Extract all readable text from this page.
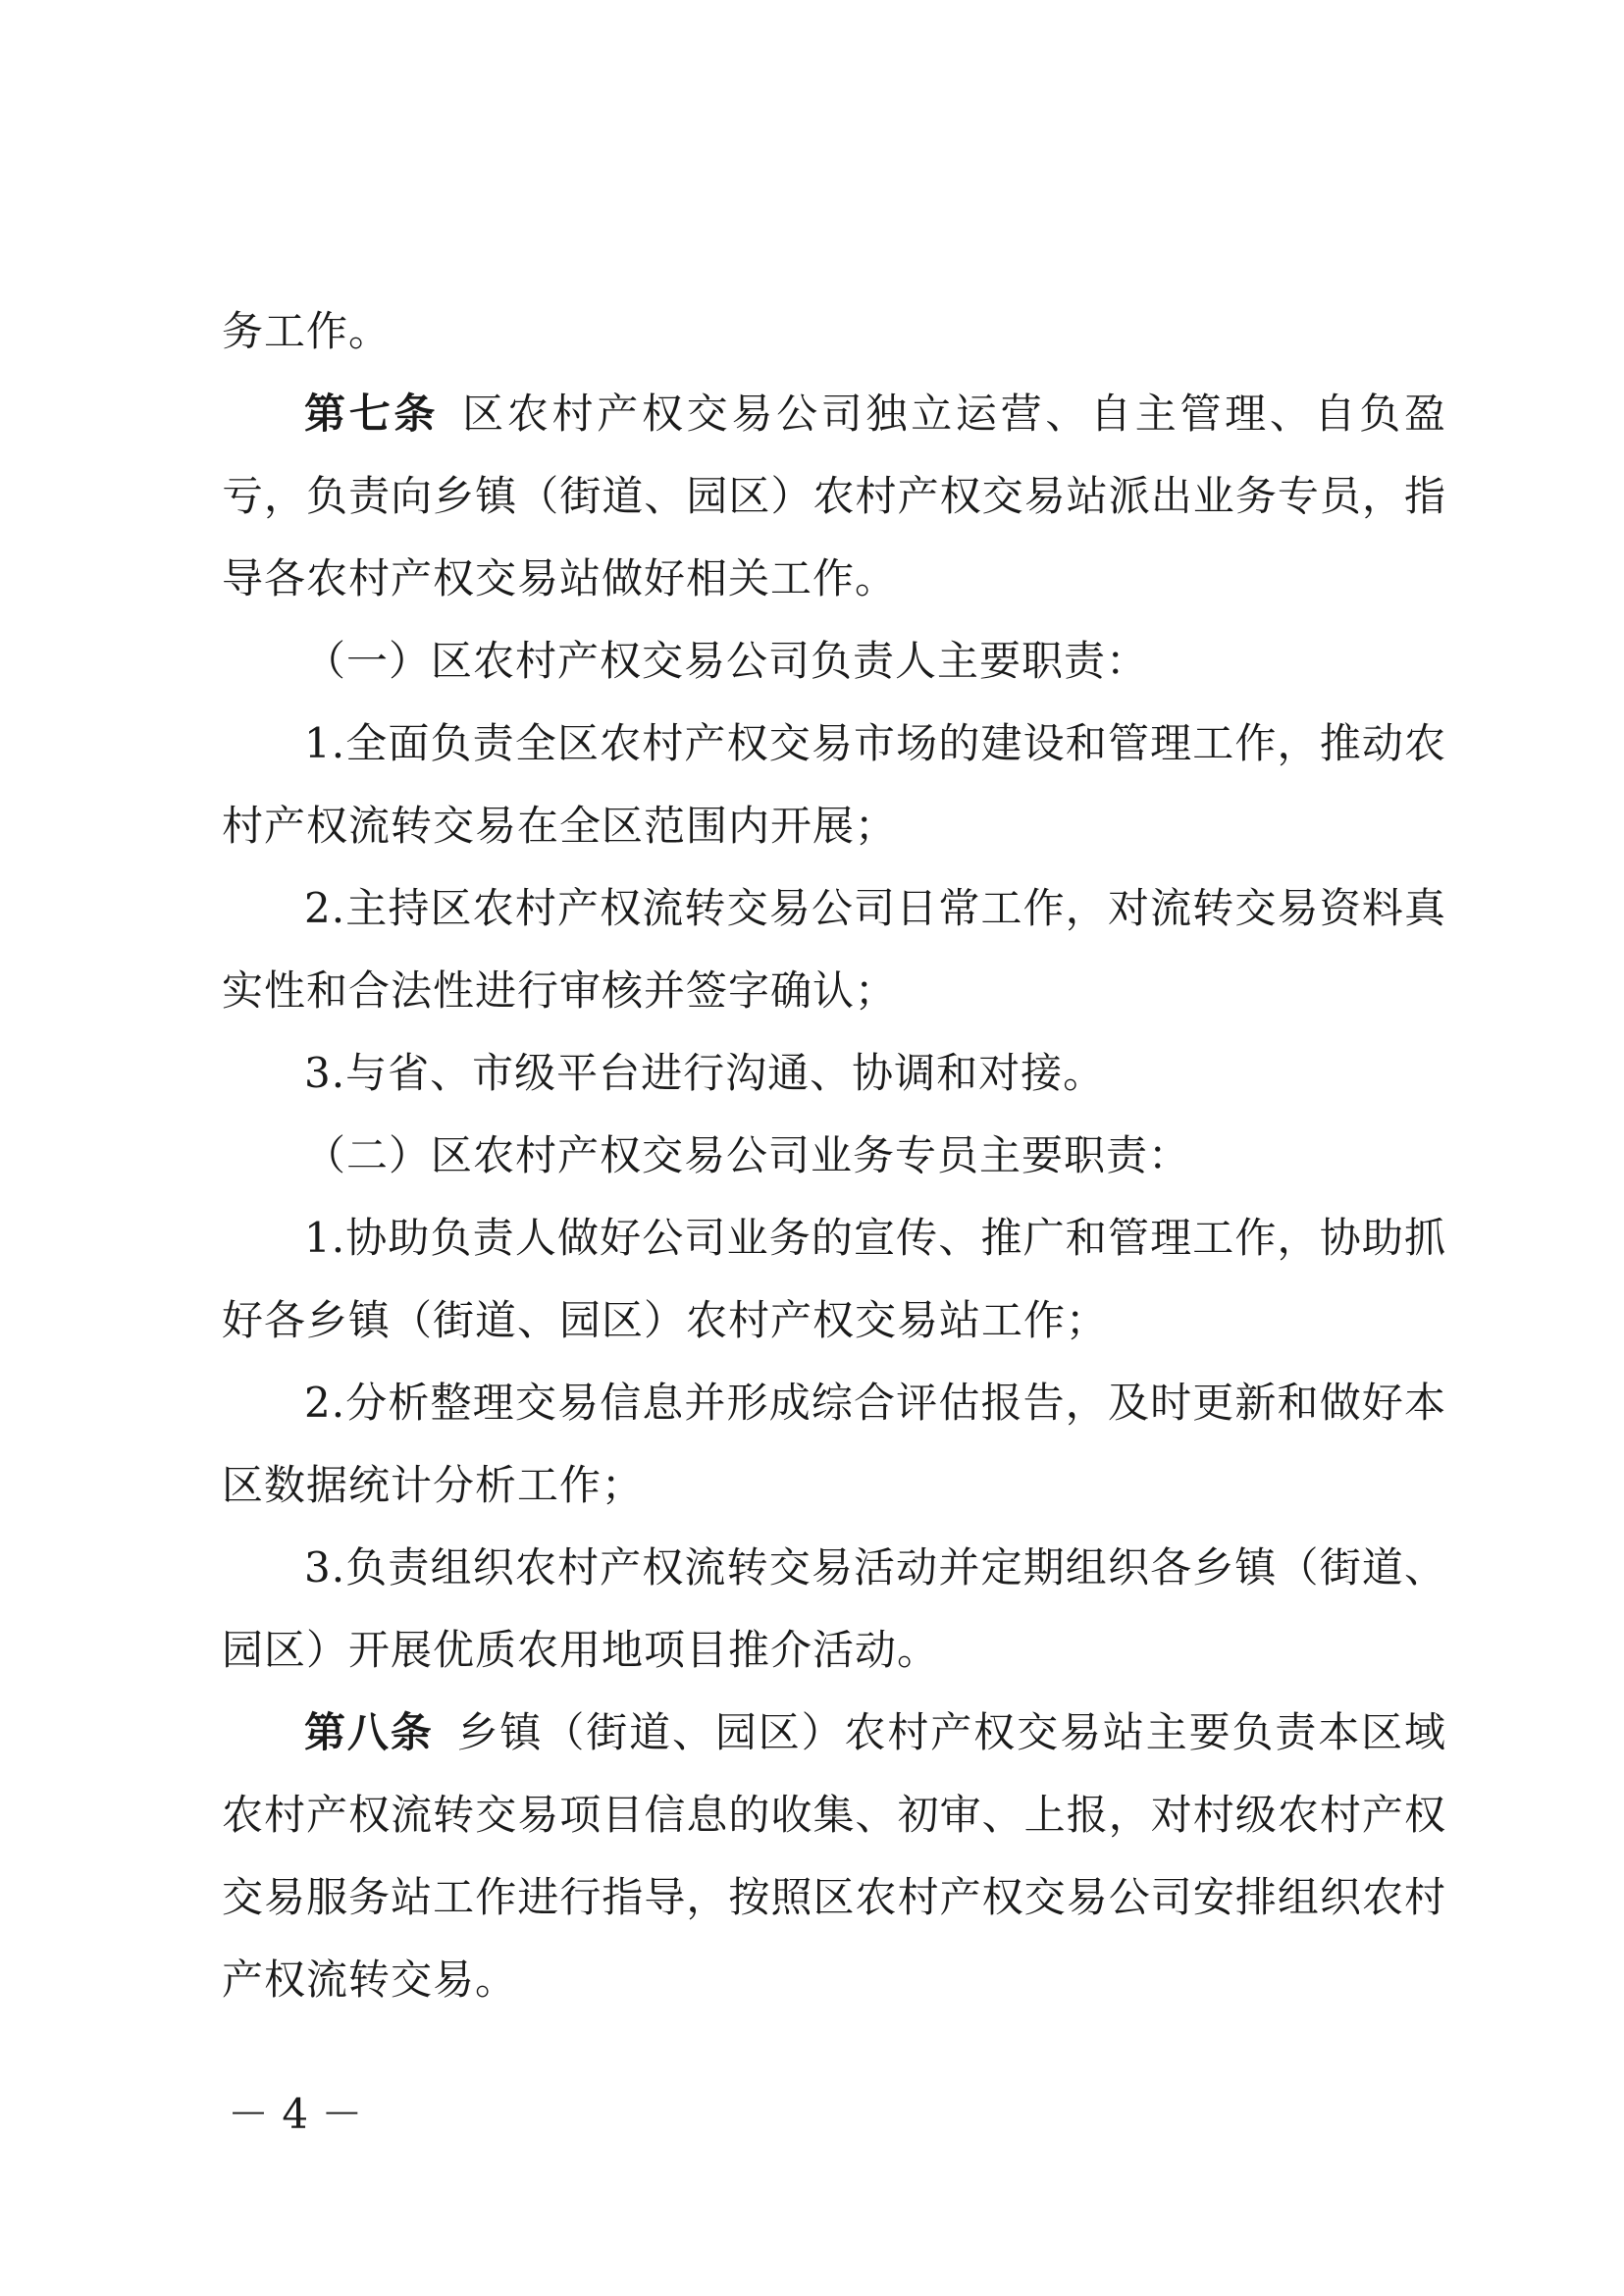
务工作。

第七条 区农村产权交易公司独立运营、自主管理、自负盈亏，负责向乡镇（街道、园区）农村产权交易站派出业务专员，指导各农村产权交易站做好相关工作。

（一）区农村产权交易公司负责人主要职责：

1.全面负责全区农村产权交易市场的建设和管理工作，推动农村产权流转交易在全区范围内开展；

2.主持区农村产权流转交易公司日常工作，对流转交易资料真实性和合法性进行审核并签字确认；

3.与省、市级平台进行沟通、协调和对接。

（二）区农村产权交易公司业务专员主要职责：

1.协助负责人做好公司业务的宣传、推广和管理工作，协助抓好各乡镇（街道、园区）农村产权交易站工作；

2.分析整理交易信息并形成综合评估报告，及时更新和做好本区数据统计分析工作；

3.负责组织农村产权流转交易活动并定期组织各乡镇（街道、园区）开展优质农用地项目推介活动。

第八条 乡镇（街道、园区）农村产权交易站主要负责本区域农村产权流转交易项目信息的收集、初审、上报，对村级农村产权交易服务站工作进行指导，按照区农村产权交易公司安排组织农村产权流转交易。

－ 4 －
